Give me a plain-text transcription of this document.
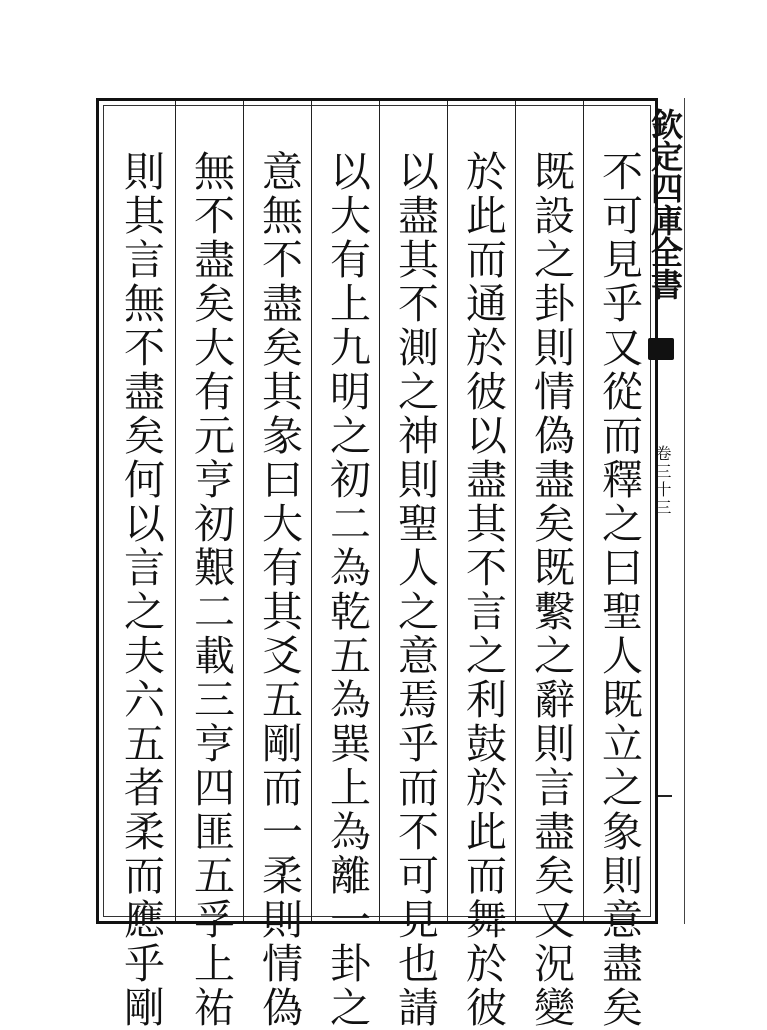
不可見乎又從而釋之曰聖人既立之象則意盡矣
既設之卦則情偽盡矣既繫之辭則言盡矣又況變
於此而通於彼以盡其不言之利鼓於此而舞於彼
以盡其不測之神則聖人之意焉乎而不可見也請
以大有上九明之初二為乾五為巽上為離一卦之
意無不盡矣其彖曰大有其爻五剛而一柔則情偽
無不盡矣大有元亨初艱二載三亨四匪五孚上祐
則其言無不盡矣何以言之夫六五者柔而應乎剛	欽定四庫全書
卷三十三
